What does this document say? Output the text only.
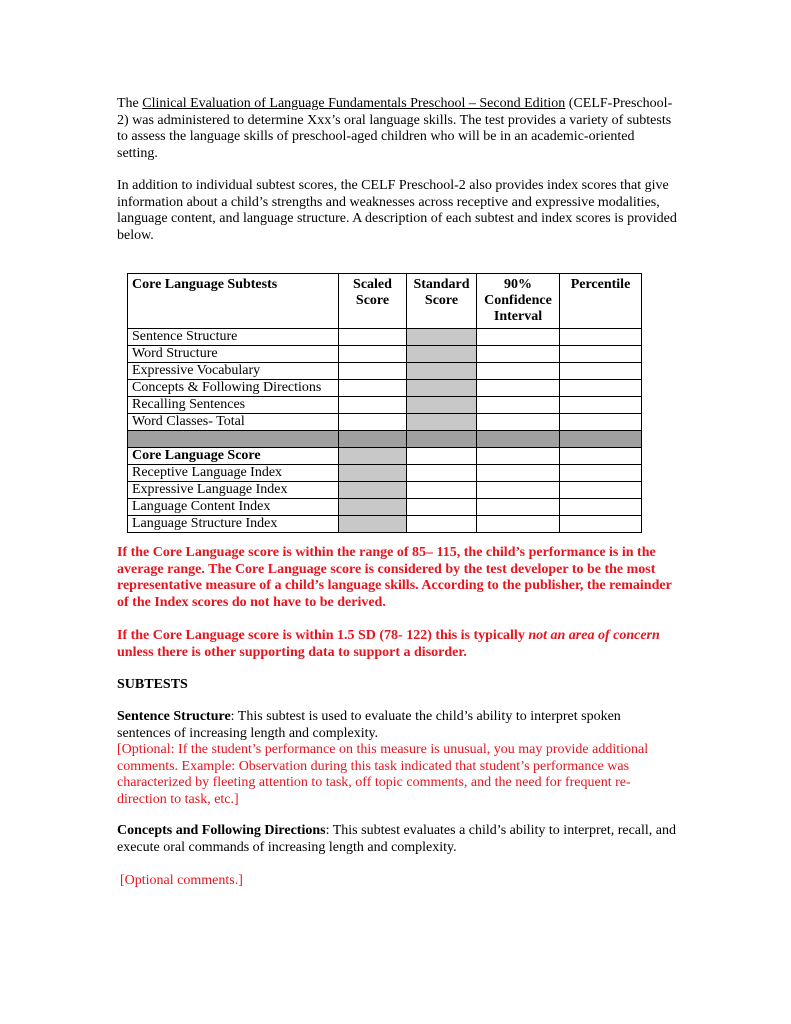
The Clinical Evaluation of Language Fundamentals Preschool – Second Edition (CELF-Preschool-2) was administered to determine Xxx’s oral language skills. The test provides a variety of subtests to assess the language skills of preschool-aged children who will be in an academic-oriented setting.

In addition to individual subtest scores, the CELF Preschool-2 also provides index scores that give information about a child’s strengths and weaknesses across receptive and expressive modalities, language content, and language structure. A description of each subtest and index scores is provided below.

Core Language Subtests	Scaled Score	Standard Score	90% Confidence Interval	Percentile
Sentence Structure				
Word Structure				
Expressive Vocabulary				
Concepts & Following Directions				
Recalling Sentences				
Word Classes- Total				

Core Language Score				
Receptive Language Index				
Expressive Language Index				
Language Content Index				
Language Structure Index				

If the Core Language score is within the range of 85– 115, the child’s performance is in the average range. The Core Language score is considered by the test developer to be the most representative measure of a child’s language skills. According to the publisher, the remainder of the Index scores do not have to be derived.

If the Core Language score is within 1.5 SD (78- 122) this is typically not an area of concern unless there is other supporting data to support a disorder.

SUBTESTS

Sentence Structure: This subtest is used to evaluate the child’s ability to interpret spoken sentences of increasing length and complexity.
[Optional: If the student’s performance on this measure is unusual, you may provide additional comments. Example: Observation during this task indicated that student’s performance was characterized by fleeting attention to task, off topic comments, and the need for frequent re-direction to task, etc.]

Concepts and Following Directions: This subtest evaluates a child’s ability to interpret, recall, and execute oral commands of increasing length and complexity.

[Optional comments.]
